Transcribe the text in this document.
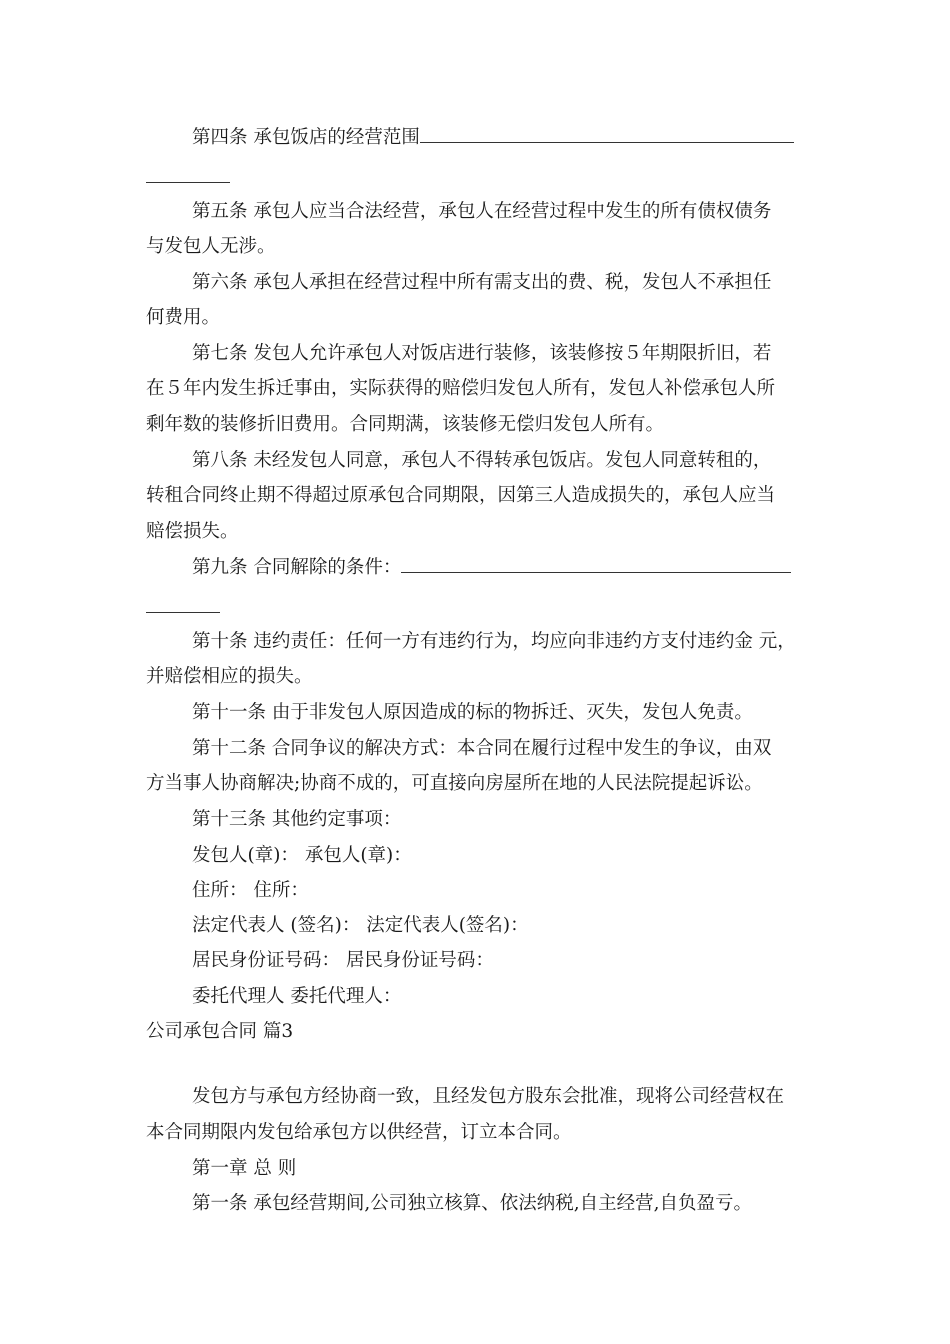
第四条 承包饭店的经营范围
第五条 承包人应当合法经营，承包人在经营过程中发生的所有债权债务
与发包人无涉。
第六条 承包人承担在经营过程中所有需支出的费、税，发包人不承担任
何费用。
第七条 发包人允许承包人对饭店进行装修，该装修按５年期限折旧，若
在５年内发生拆迁事由，实际获得的赔偿归发包人所有，发包人补偿承包人所
剩年数的装修折旧费用。合同期满，该装修无偿归发包人所有。
第八条 未经发包人同意，承包人不得转承包饭店。发包人同意转租的，
转租合同终止期不得超过原承包合同期限，因第三人造成损失的，承包人应当
赔偿损失。
第九条 合同解除的条件：
第十条 违约责任：任何一方有违约行为，均应向非违约方支付违约金 元，
并赔偿相应的损失。
第十一条 由于非发包人原因造成的标的物拆迁、灭失，发包人免责。
第十二条 合同争议的解决方式：本合同在履行过程中发生的争议，由双
方当事人协商解决;协商不成的，可直接向房屋所在地的人民法院提起诉讼。
第十三条 其他约定事项：
发包人(章)： 承包人(章)：
住所： 住所：
法定代表人 (签名)： 法定代表人(签名)：
居民身份证号码： 居民身份证号码：
委托代理人 委托代理人：
公司承包合同 篇3
发包方与承包方经协商一致，且经发包方股东会批准，现将公司经营权在
本合同期限内发包给承包方以供经营，订立本合同。
第一章 总 则
第一条 承包经营期间,公司独立核算、依法纳税,自主经营,自负盈亏。
